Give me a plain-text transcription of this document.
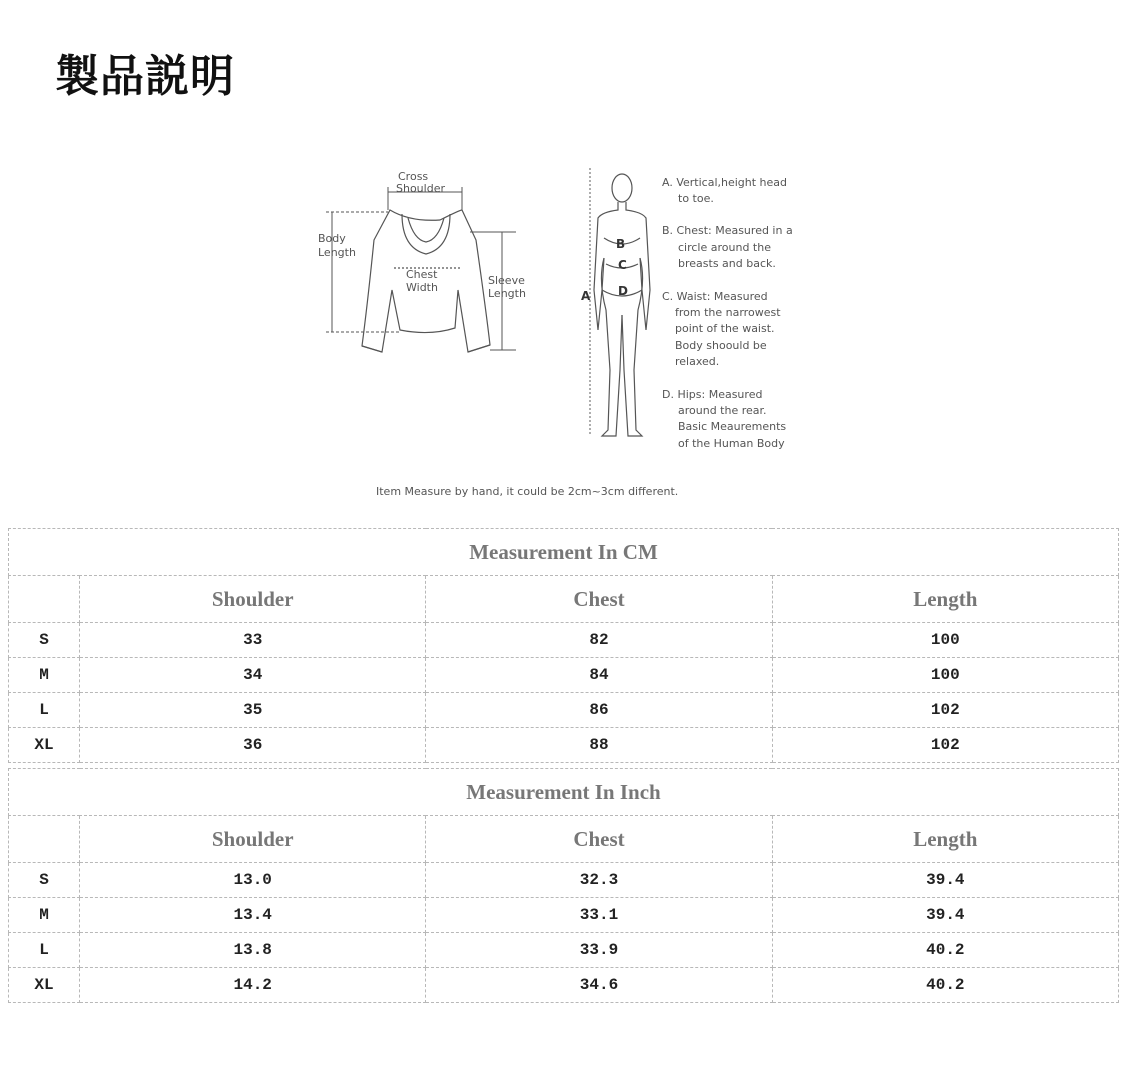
製品説明
Cross
Shoulder
Body
Length
Chest
Width
Sleeve
Length
B
C
D
A
A. Vertical,height head
to toe.
B. Chest: Measured in a
circle around the
breasts and back.
C. Waist: Measured
from the narrowest
point of the waist.
Body shoould be
relaxed.
D. Hips: Measured
around the rear.
Basic Meaurements
of the Human Body
Item Measure by hand, it could be 2cm~3cm different.
Measurement In CM			
	Shoulder	Chest	Length
S	33	82	100
M	34	84	100
L	35	86	102
XL	36	88	102
Measurement In Inch			
	Shoulder	Chest	Length
S	13.0	32.3	39.4
M	13.4	33.1	39.4
L	13.8	33.9	40.2
XL	14.2	34.6	40.2
